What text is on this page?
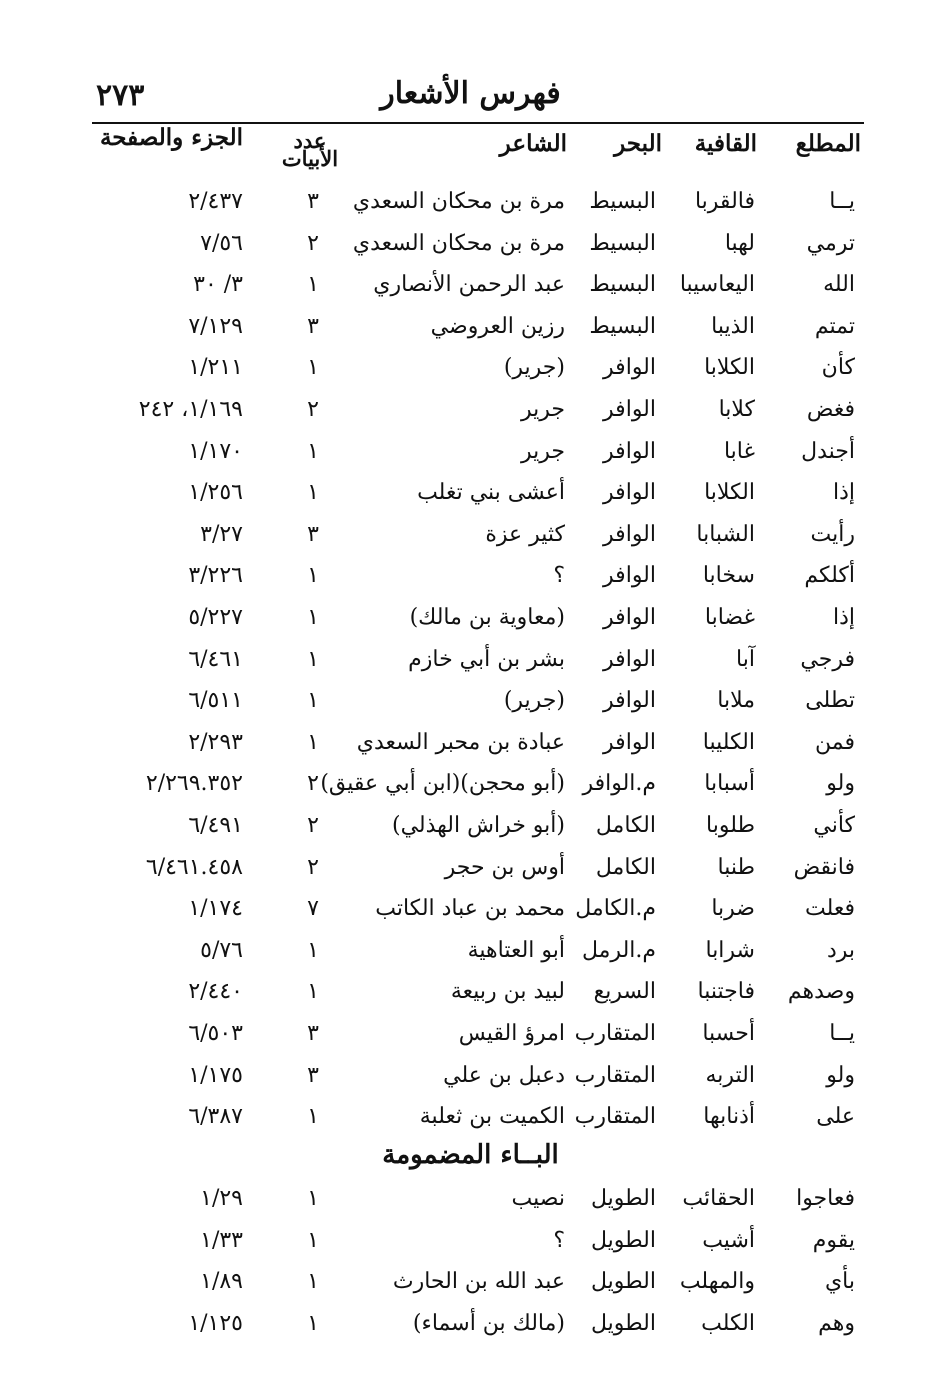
٢٧٣	فهرس الأشعار
المطلع
القافية
البحر
الشاعر
عدد
الأبيات
الجزء والصفحة
يــا
فالقربا
البسيط
مرة بن محكان السعدي
٣
٢/٤٣٧
ترمي
لهبا
البسيط
مرة بن محكان السعدي
٢
٧/٥٦
الله
اليعاسيبا
البسيط
عبد الرحمن الأنصاري
١
٣/ ٣٠
تمتم
الذيبا
البسيط
رزين العروضي
٣
٧/١٢٩
كأن
الكلابا
الوافر
(جرير)
١
١/٢١١
فغض
كلابا
الوافر
جرير
٢
١/١٦٩، ٢٤٢
أجندل
غابا
الوافر
جرير
١
١/١٧٠
إذا
الكلابا
الوافر
أعشى بني تغلب
١
١/٢٥٦
رأيت
الشبابا
الوافر
كثير عزة
٣
٣/٢٧
أكلكم
سخابا
الوافر
؟
١
٣/٢٢٦
إذا
غضابا
الوافر
(معاوية بن مالك)
١
٥/٢٢٧
فرجي
آبا
الوافر
بشر بن أبي خازم
١
٦/٤٦١
تطلى
ملابا
الوافر
(جرير)
١
٦/٥١١
فمن
الكليبا
الوافر
عبادة بن محبر السعدي
١
٢/٢٩٣
ولو
أسبابا
م.الوافر
(أبو محجن)(ابن أبي عقيق)
٢
٢/٢٦٩.٣٥٢
كأني
طلوبا
الكامل
(أبو خراش الهذلي)
٢
٦/٤٩١
فانقض
طنبا
الكامل
أوس بن حجر
٢
٦/٤٦١.٤٥٨
فعلت
ضربا
م.الكامل
محمد بن عباد الكاتب
٧
١/١٧٤
برد
شرابا
م.الرمل
أبو العتاهية
١
٥/٧٦
وصدهم
فاجتنبا
السريع
لبيد بن ربيعة
١
٢/٤٤٠
يــا
أحسبا
المتقارب
امرؤ القيس
٣
٦/٥٠٣
ولو
التربه
المتقارب
دعبل بن علي
٣
١/١٧٥
على
أذنابها
المتقارب
الكميت بن ثعلبة
١
٦/٣٨٧
البــاء المضمومة
فعاجوا
الحقائب
الطويل
نصيب
١
١/٢٩
يقوم
أشيب
الطويل
؟
١
١/٣٣
بأي
والمهلب
الطويل
عبد الله بن الحارث
١
١/٨٩
وهم
الكلب
الطويل
(مالك بن أسماء)
١
١/١٢٥
